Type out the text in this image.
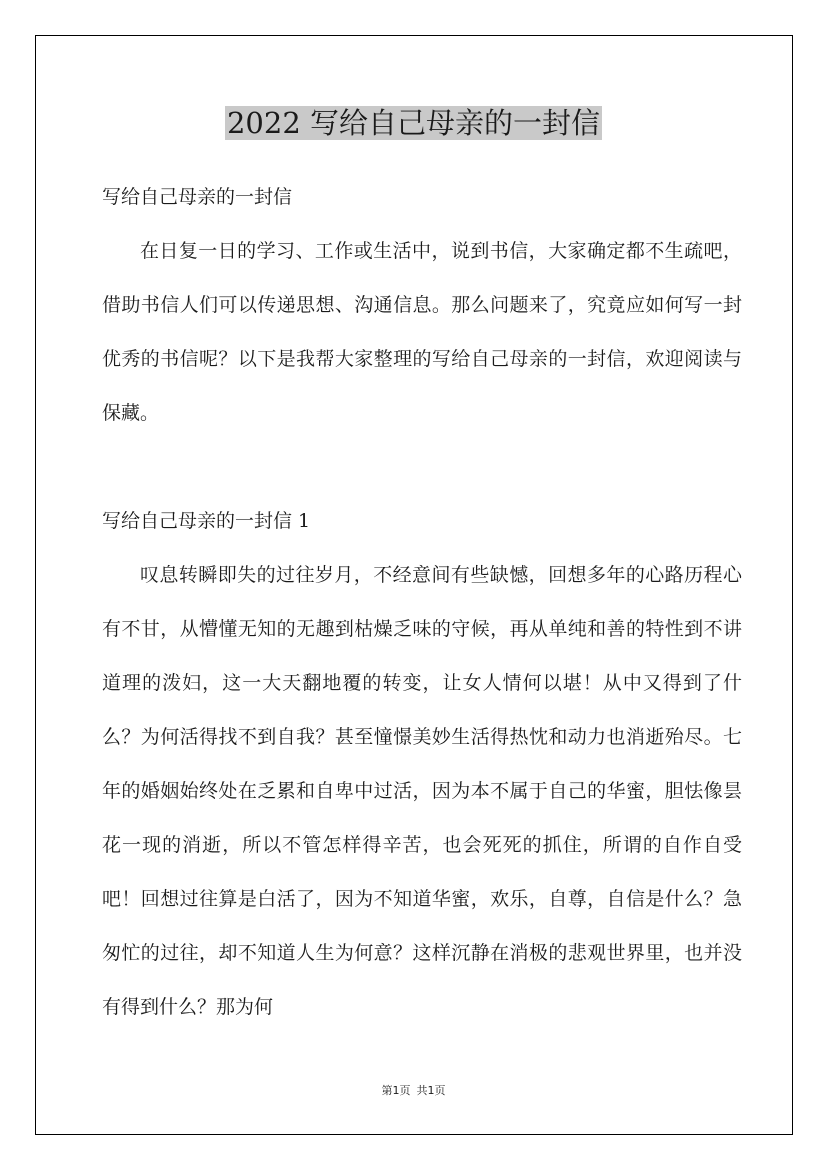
2022 写给自己母亲的一封信

写给自己母亲的一封信

在日复一日的学习、工作或生活中，说到书信，大家确定都不生疏吧，借助书信人们可以传递思想、沟通信息。那么问题来了，究竟应如何写一封优秀的书信呢？以下是我帮大家整理的写给自己母亲的一封信，欢迎阅读与保藏。

写给自己母亲的一封信 1

叹息转瞬即失的过往岁月，不经意间有些缺憾，回想多年的心路历程心有不甘，从懵懂无知的无趣到枯燥乏味的守候，再从单纯和善的特性到不讲道理的泼妇，这一大天翻地覆的转变，让女人情何以堪！从中又得到了什么？为何活得找不到自我？甚至憧憬美妙生活得热忱和动力也消逝殆尽。七年的婚姻始终处在乏累和自卑中过活，因为本不属于自己的华蜜，胆怯像昙花一现的消逝，所以不管怎样得辛苦，也会死死的抓住，所谓的自作自受吧！回想过往算是白活了，因为不知道华蜜，欢乐，自尊，自信是什么？急匆忙的过往，却不知道人生为何意？这样沉静在消极的悲观世界里，也并没有得到什么？那为何

第1页 共1页
